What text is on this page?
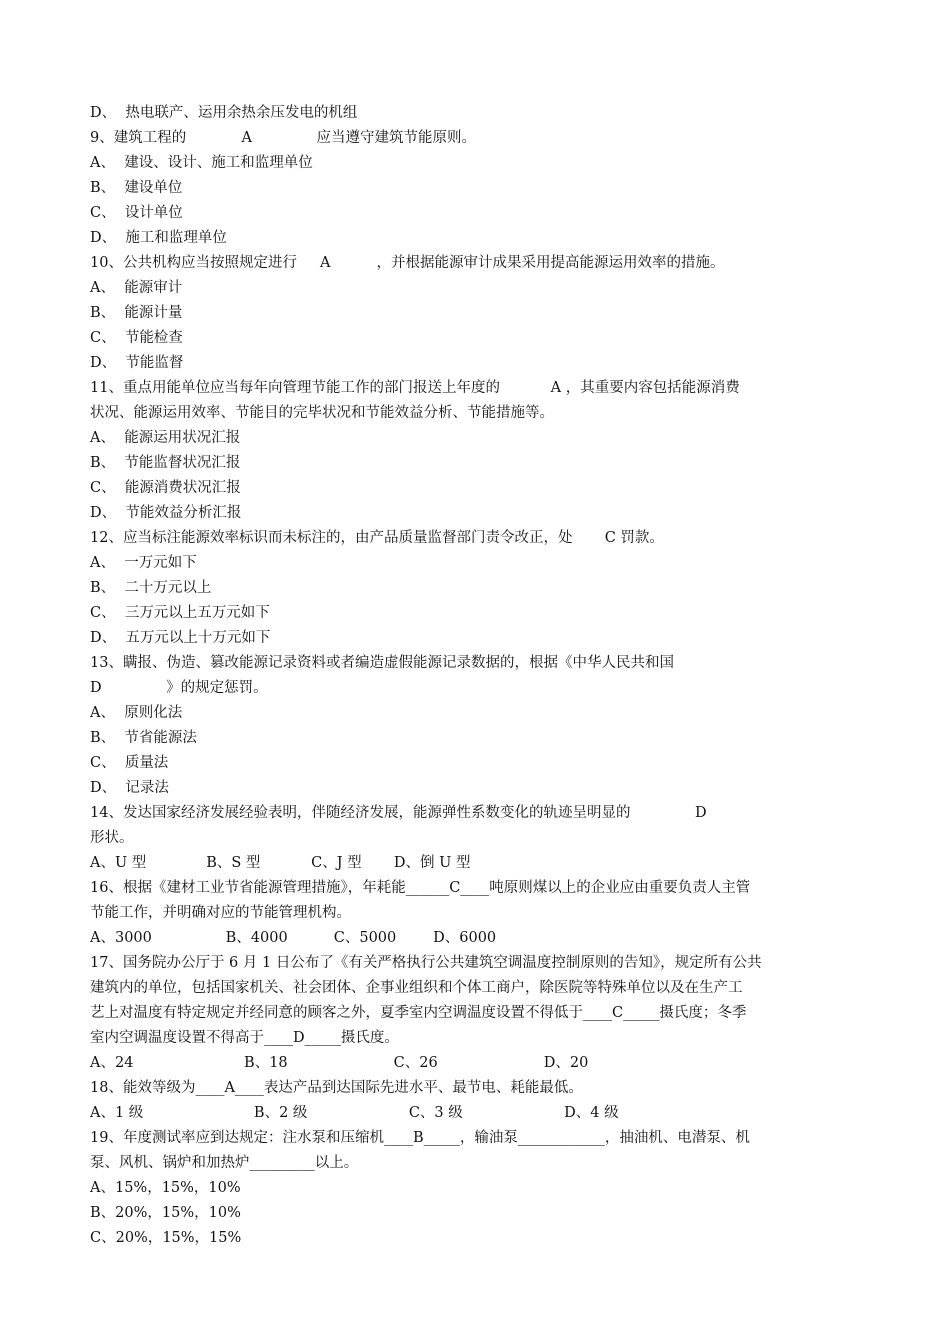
D、  热电联产、运用余热余压发电的机组
9、建筑工程的            A              应当遵守建筑节能原则。
A、  建设、设计、施工和监理单位
B、  建设单位
C、  设计单位
D、  施工和监理单位
10、公共机构应当按照规定进行     A          ，并根据能源审计成果采用提高能源运用效率的措施。
A、  能源审计
B、  能源计量
C、  节能检查
D、  节能监督
11、重点用能单位应当每年向管理节能工作的部门报送上年度的           A ，其重要内容包括能源消费
状况、能源运用效率、节能目的完毕状况和节能效益分析、节能措施等。
A、  能源运用状况汇报
B、  节能监督状况汇报
C、  能源消费状况汇报
D、  节能效益分析汇报
12、应当标注能源效率标识而未标注的，由产品质量监督部门责令改正，处       C 罚款。
A、  一万元如下
B、  二十万元以上
C、  三万元以上五万元如下
D、  五万元以上十万元如下
13、瞒报、伪造、篡改能源记录资料或者编造虚假能源记录数据的，根据《中华人民共和国
D              》的规定惩罚。
A、  原则化法
B、  节省能源法
C、  质量法
D、  记录法
14、发达国家经济发展经验表明，伴随经济发展，能源弹性系数变化的轨迹呈明显的              D
形状。
A、U 型             B、S 型           C、J 型       D、倒 U 型
16、根据《建材工业节省能源管理措施》，年耗能______C____吨原则煤以上的企业应由重要负责人主管
节能工作，并明确对应的节能管理机构。
A、3000                B、4000          C、5000        D、6000
17、国务院办公厅于 6 月 1 日公布了《有关严格执行公共建筑空调温度控制原则的告知》，规定所有公共
建筑内的单位，包括国家机关、社会团体、企事业组织和个体工商户，除医院等特殊单位以及在生产工
艺上对温度有特定规定并经同意的顾客之外，夏季室内空调温度设置不得低于____C_____摄氏度；冬季
室内空调温度设置不得高于____D_____摄氏度。
A、24                        B、18                       C、26                       D、20
18、能效等级为____A____表达产品到达国际先进水平、最节电、耗能最低。
A、1 级                        B、2 级                      C、3 级                      D、4 级
19、年度测试率应到达规定：注水泵和压缩机____B_____，输油泵____________，抽油机、电潜泵、机
泵、风机、锅炉和加热炉_________以上。
A、15%，15%，10%
B、20%，15%，10%
C、20%，15%，15%
